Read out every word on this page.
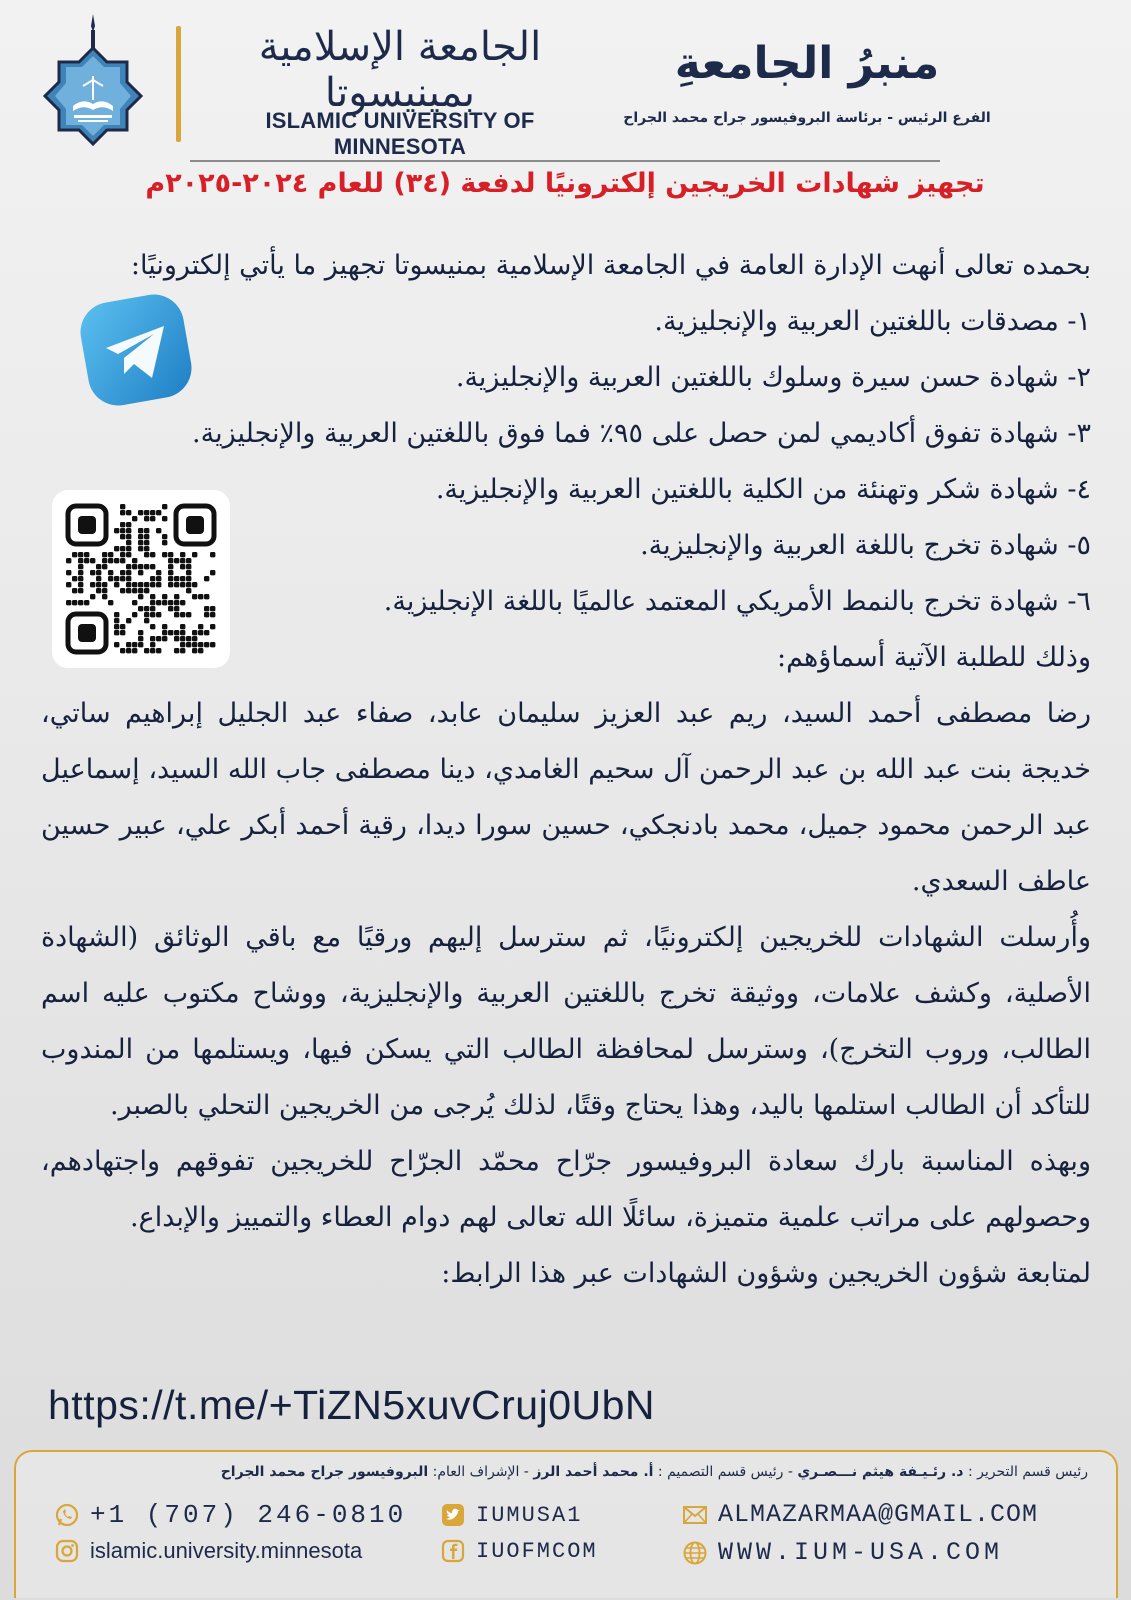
الجامعة الإسلامية بمينيسوتا
ISLAMIC UNIVERSITY OF MINNESOTA
منبرُ الجامعةِ
الفرع الرئيس - برئاسة البروفيسور جراح محمد الجراح
تجهيز شهادات الخريجين إلكترونيًا لدفعة (٣٤) للعام ٢٠٢٤-٢٠٢٥م
بحمده تعالى أنهت الإدارة العامة في الجامعة الإسلامية بمنيسوتا تجهيز ما يأتي إلكترونيًا:
١- مصدقات باللغتين العربية والإنجليزية.
٢- شهادة حسن سيرة وسلوك باللغتين العربية والإنجليزية.
٣- شهادة تفوق أكاديمي لمن حصل على ٩٥٪ فما فوق باللغتين العربية والإنجليزية.
٤- شهادة شكر وتهنئة من الكلية باللغتين العربية والإنجليزية.
٥- شهادة تخرج باللغة العربية والإنجليزية.
٦- شهادة تخرج بالنمط الأمريكي المعتمد عالميًا باللغة الإنجليزية.
وذلك للطلبة الآتية أسماؤهم:
رضا مصطفى أحمد السيد، ريم عبد العزيز سليمان عابد، صفاء عبد الجليل إبراهيم ساتي، خديجة بنت عبد الله بن عبد الرحمن آل سحيم الغامدي، دينا مصطفى جاب الله السيد، إسماعيل عبد الرحمن محمود جميل، محمد بادنجكي، حسين سورا ديدا، رقية أحمد أبكر علي، عبير حسين عاطف السعدي.
وأُرسلت الشهادات للخريجين إلكترونيًا، ثم سترسل إليهم ورقيًا مع باقي الوثائق (الشهادة الأصلية، وكشف علامات، ووثيقة تخرج باللغتين العربية والإنجليزية، ووشاح مكتوب عليه اسم الطالب، وروب التخرج)، وسترسل لمحافظة الطالب التي يسكن فيها، ويستلمها من المندوب للتأكد أن الطالب استلمها باليد، وهذا يحتاج وقتًا، لذلك يُرجى من الخريجين التحلي بالصبر.
وبهذه المناسبة بارك سعادة البروفيسور جرّاح محمّد الجرّاح للخريجين تفوقهم واجتهادهم، وحصولهم على مراتب علمية متميزة، سائلًا الله تعالى لهم دوام العطاء والتمييز والإبداع.
لمتابعة شؤون الخريجين وشؤون الشهادات عبر هذا الرابط:
https://t.me/+TiZN5xuvCruj0UbN
رئيس قسم التحرير : د. رئـيـفة هيثم نـــصـري - رئيس قسم التصميم : أ. محمد أحمد الرز - الإشراف العام: البروفيسور جراح محمد الجراح
+1 (707) 246-0810
islamic.university.minnesota
IUMUSA1
IUOFMCOM
ALMAZARMAA@GMAIL.COM
WWW.IUM-USA.COM
